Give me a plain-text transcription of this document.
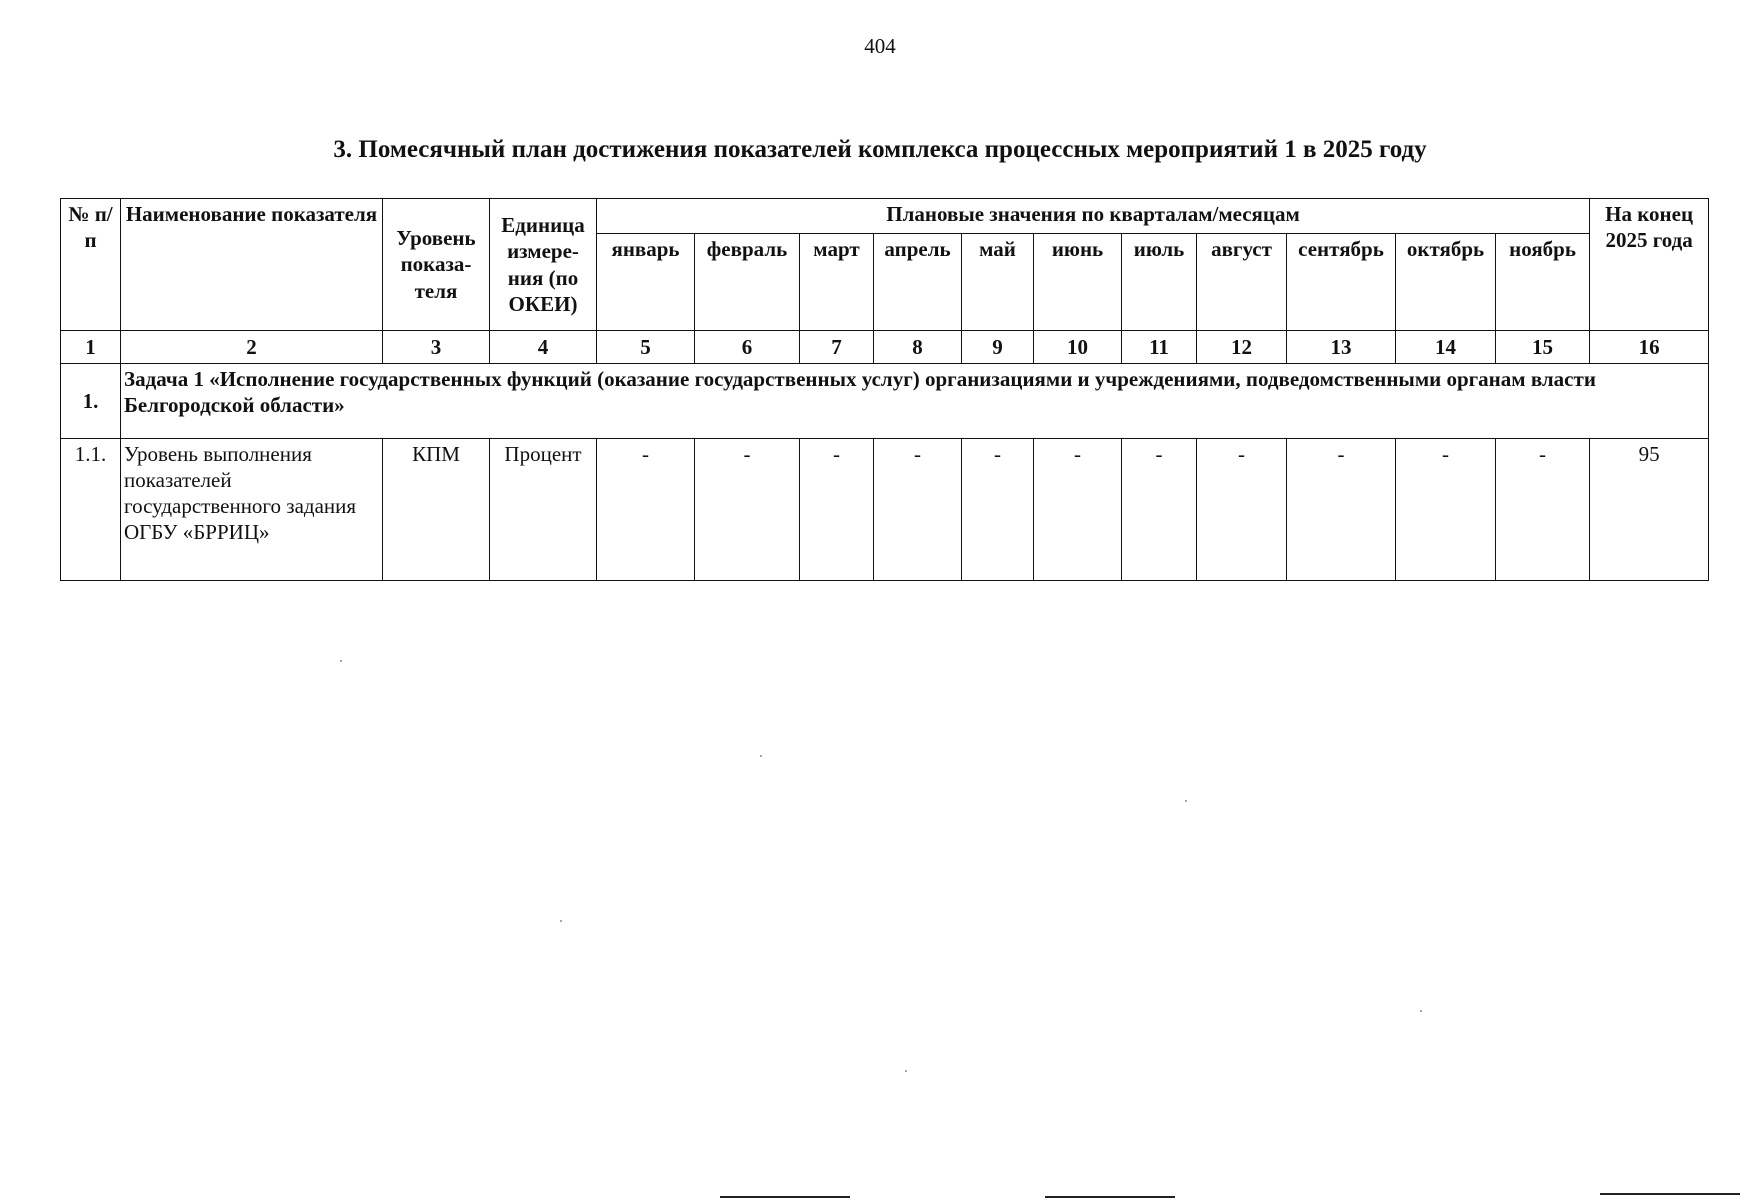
404
3. Помесячный план достижения показателей комплекса процессных мероприятий 1 в 2025 году
№ п/п	Наименование показателя	Уровень показа-теля	Единица измере-ния (по ОКЕИ)	Плановые значения по кварталам/месяцам											На конец 2025 года
				январь	февраль	март	апрель	май	июнь	июль	август	сентябрь	октябрь	ноябрь	
1	2	3	4	5	6	7	8	9	10	11	12	13	14	15	16
1.	Задача 1 «Исполнение государственных функций (оказание государственных услуг) организациями и учреждениями, подведомственными органам власти Белгородской области»														
1.1.	Уровень выполнения показателей государственного задания ОГБУ «БРРИЦ»	КПМ	Процент	-	-	-	-	-	-	-	-	-	-	-	95
